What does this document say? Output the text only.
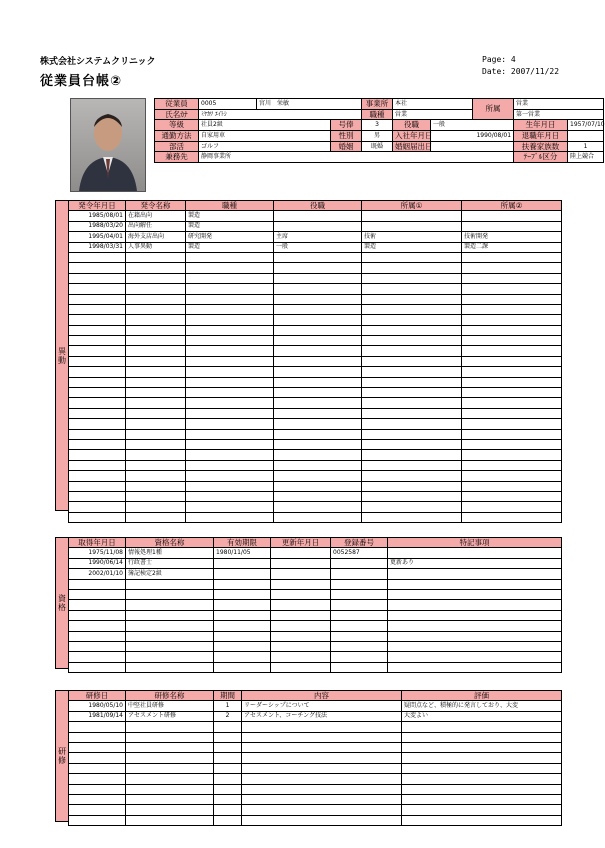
株式会社システムクリニック
従業員台帳②
Page: 4
Date: 2007/11/22
従業員	0005	宮川　栄敏		事業所	本社		所属	営業	
氏名ｶﾅ	ﾐﾔｶﾜ ｴｲﾄｼ			職種	営業			第一営業	
等級	社員2級		号俸	3	役職	一般		生年月日	1957/07/10
通勤方法	自家用車		性別	男	入社年月日	1990/08/01		退職年月日	
部活	ゴルフ		婚姻	既婚	婚姻届出日			扶養家族数	1
兼務先	静岡事業所							ﾃｰﾌﾞﾙ区分	陸上競合
異
動
発令年月日	発令名称	職種	役職	所属①	所属②
1985/08/01	在籍出向	製造			
1988/03/20	出向解任	製造			
1995/04/01	海外支店出向	研究開発	主席	技術	技術開発
1998/03/31	人事異動	製造	一般	製造	製造二課

資
格
取得年月日	資格名称	有効期限	更新年月日	登録番号	特記事項
1975/11/08	情報処理1種	1980/11/05		0052587	
1990/06/14	行政書士				更新あり
2002/01/10	簿記検定2級				

研
修
研修日	研修名称	期間	内容	評価
1980/05/10	中堅社員研修	1	リーダーシップについて	疑問点など、積極的に発言しており、大変
1981/09/14	アセスメント研修	2	アセスメント、コーチング技法	大変よい
